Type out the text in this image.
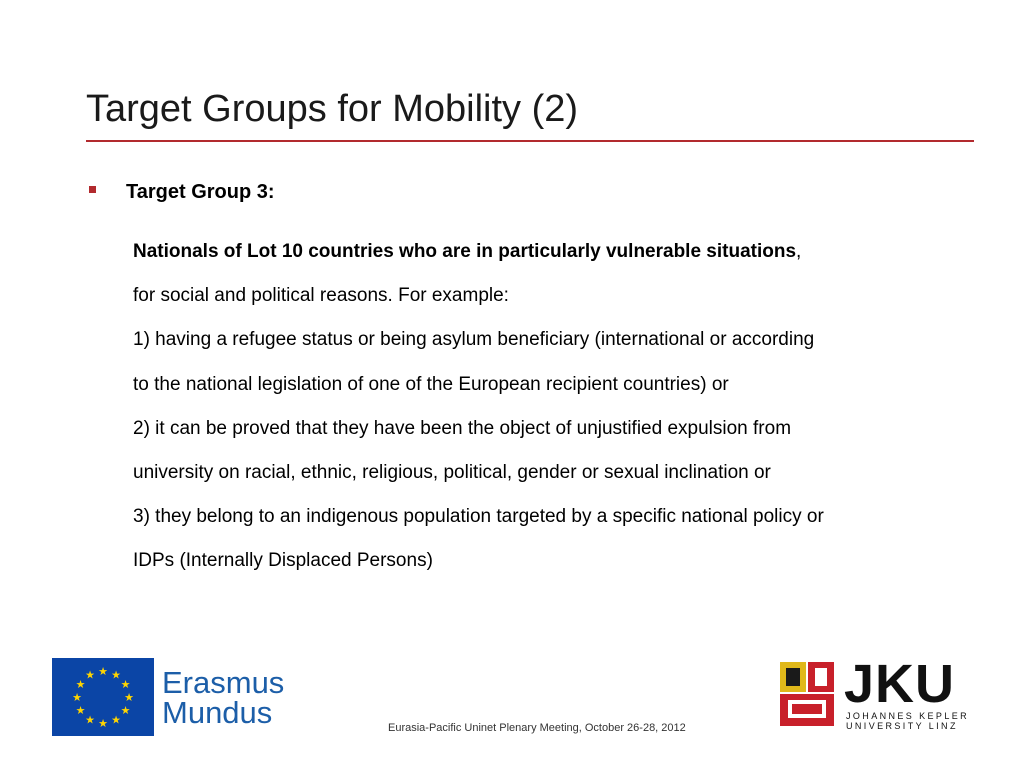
Target Groups for Mobility (2)
Target Group 3:
Nationals of Lot 10 countries who are in particularly vulnerable situations,
for social and political reasons. For example:
1) having a refugee status or being asylum beneficiary (international or according
to the national legislation of one of the European recipient countries) or
2) it can be proved that they have been the object of unjustified expulsion from
university on racial, ethnic, religious, political, gender or sexual inclination or
3) they belong to an indigenous population targeted by a specific national policy or
IDPs (Internally Displaced Persons)
★ ★
★
★
★
★
★
★
★
★
★
★ Erasmus
Mundus	Eurasia-Pacific Uninet Plenary Meeting, October 26-28, 2012
JKU
JOHANNES KEPLER
UNIVERSITY LINZ
